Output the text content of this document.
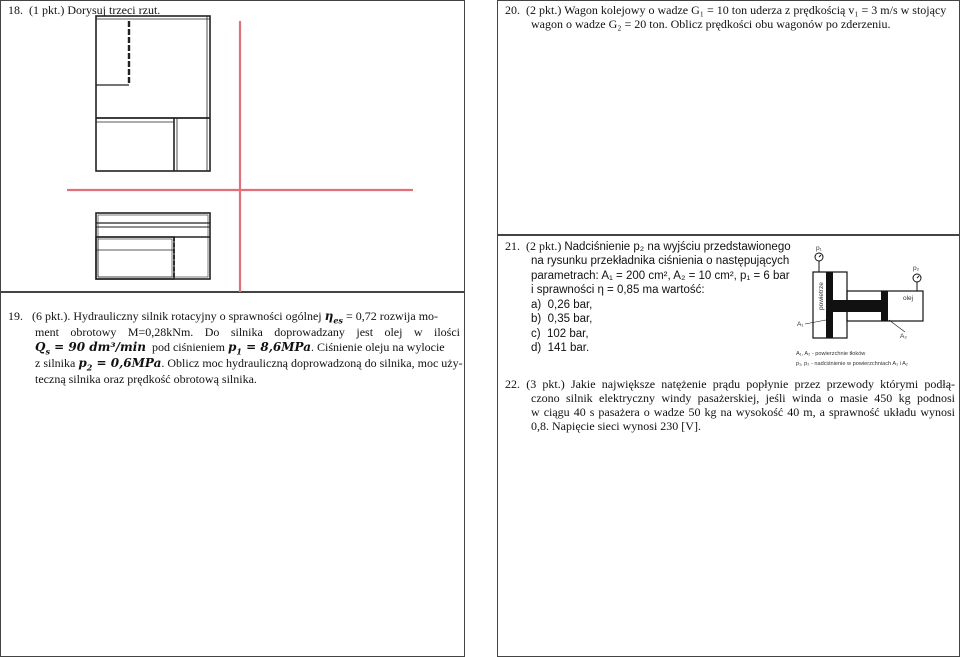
18. (1 pkt.) Dorysuj trzeci rzut.
19. (6 pkt.). Hydrauliczny silnik rotacyjny o sprawności ogólnej $\eta_{es} = 0,72$ rozwija mo-
ment obrotowy M=0,28kNm. Do silnika doprowadzany jest olej w ilości
$Q_s = 90$ dm³/min pod ciśnieniem $p_1 = 8,6MPa$. Ciśnienie oleju na wylocie
z silnika $p_2 = 0,6MPa$. Oblicz moc hydrauliczną doprowadzoną do silnika, moc uży-
teczną silnika oraz prędkość obrotową silnika.
20. (2 pkt.) Wagon kolejowy o wadze G₁ = 10 ton uderza z prędkością v₁ = 3 m/s w stojący
wagon o wadze G₂ = 20 ton. Oblicz prędkości obu wagonów po zderzeniu.
21. (2 pkt.) Nadciśnienie p₂ na wyjściu przedstawionego
na rysunku przekładnika ciśnienia o następujących
parametrach: A₁ = 200 cm², A₂ = 10 cm², p₁ = 6 bar
i sprawności η = 0,85 ma wartość:
a)  0,26 bar,
b)  0,35 bar,
c)  102 bar,
d)  141 bar.
p₁
p₂
A₁
A₂
olej
powietrze
A₁, A₂ - powierzchnie tłoków
p₁, p₂ - nadciśnienie w powierzchniach A₁ i A₂
22. (3 pkt.) Jakie największe natężenie prądu popłynie przez przewody którymi podłą-
czono silnik elektryczny windy pasażerskiej, jeśli winda o masie 450 kg podnosi
w ciągu 40 s pasażera o wadze 50 kg na wysokość 40 m, a sprawność układu wynosi
0,8. Napięcie sieci wynosi 230 [V].
